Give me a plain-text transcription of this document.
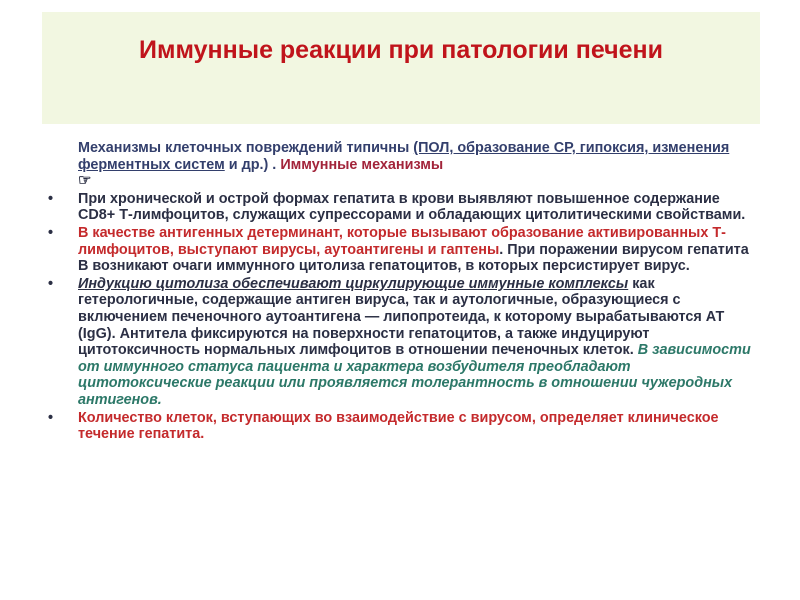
Иммунные реакции при патологии печени

Механизмы клеточных повреждений типичны (ПОЛ, образование СР, гипоксия, изменения ферментных систем и др.) . Иммунные механизмы
☞

• При хронической и острой формах гепатита в крови выявляют повышенное содержание CD8+ Т-лимфоцитов, служащих супрессорами и обладающих цитолитическими свойствами.
• В качестве антигенных детерминант, которые вызывают образование активированных Т-лимфоцитов, выступают вирусы, аутоантигены и гаптены. При поражении вирусом гепатита В возникают очаги иммунного цитолиза гепатоцитов, в которых персистирует вирус.
• Индукцию цитолиза обеспечивают циркулирующие иммунные комплексы как гетерологичные, содержащие антиген вируса, так и аутологичные, образующиеся с включением печеночного аутоантигена — липопротеида, к которому вырабатываются АТ (IgG). Антитела фиксируются на поверхности гепатоцитов, а также индуцируют цитотоксичность нормальных лимфоцитов в отношении печеночных клеток. В зависимости от иммунного статуса пациента и характера возбудителя преобладают цитотоксические реакции или проявляется толерантность в отношении чужеродных антигенов.
• Количество клеток, вступающих во взаимодействие с вирусом, определяет клиническое течение гепатита.
